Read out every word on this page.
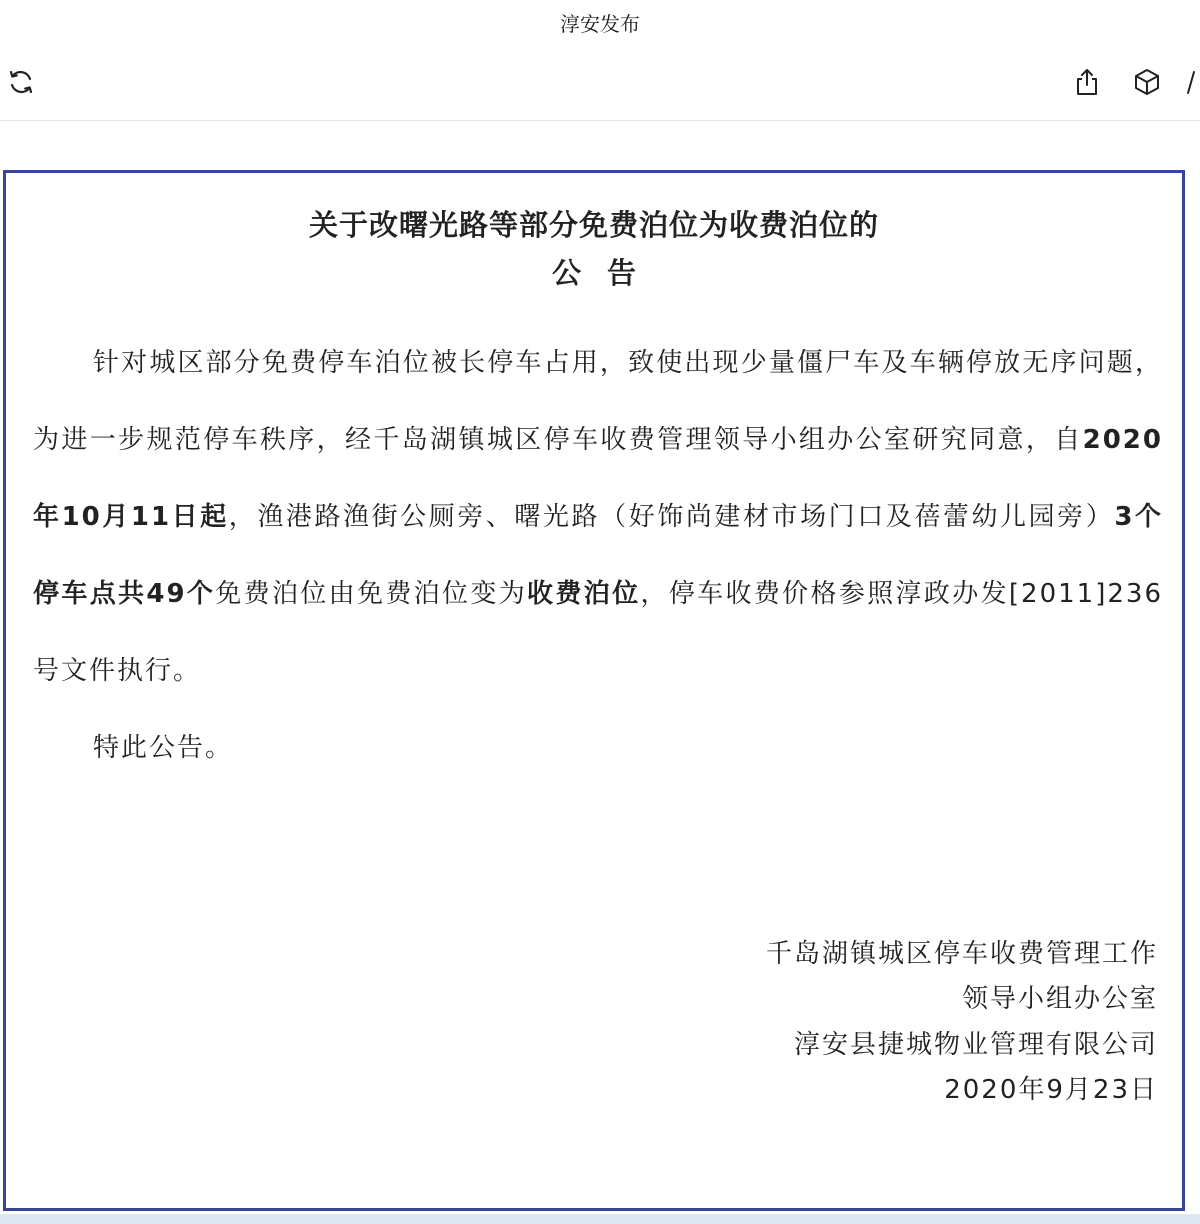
淳安发布
关于改曙光路等部分免费泊位为收费泊位的
公告

针对城区部分免费停车泊位被长停车占用，致使出现少量僵尸车及车辆停放无序问题，为进一步规范停车秩序，经千岛湖镇城区停车收费管理领导小组办公室研究同意，自2020年10月11日起，渔港路渔街公厕旁、曙光路（好饰尚建材市场门口及蓓蕾幼儿园旁）3个停车点共49个免费泊位由免费泊位变为收费泊位，停车收费价格参照淳政办发[2011]236号文件执行。

特此公告。

千岛湖镇城区停车收费管理工作
领导小组办公室
淳安县捷城物业管理有限公司
2020年9月23日
